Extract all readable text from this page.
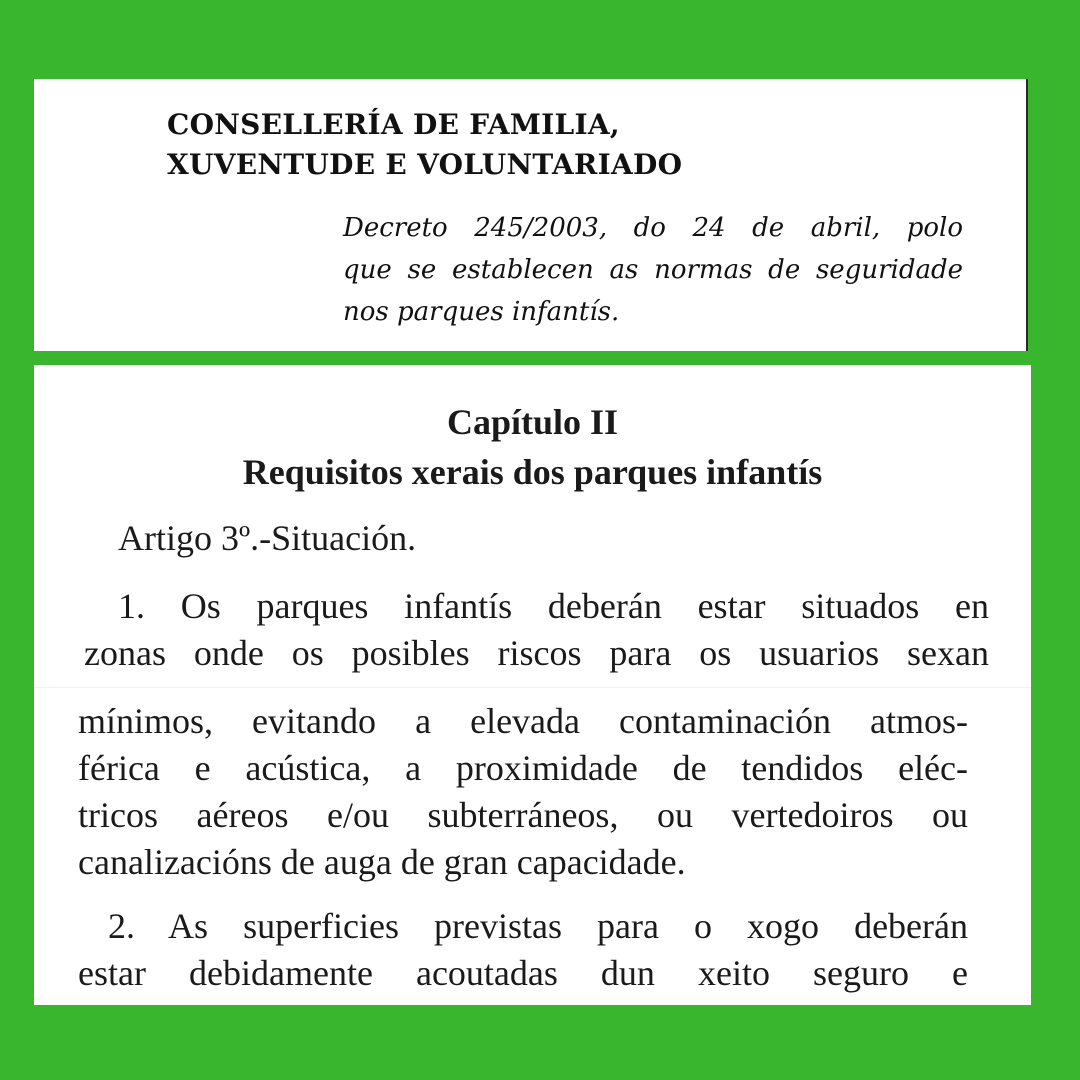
CONSELLERÍA DE FAMILIA,
XUVENTUDE E VOLUNTARIADO

Decreto 245/2003, do 24 de abril, polo
que se establecen as normas de seguridade
nos parques infantís.

Capítulo II
Requisitos xerais dos parques infantís

Artigo 3º.-Situación.

1. Os parques infantís deberán estar situados en
zonas onde os posibles riscos para os usuarios sexan

mínimos, evitando a elevada contaminación atmos-
férica e acústica, a proximidade de tendidos eléc-
tricos aéreos e/ou subterráneos, ou vertedoiros ou
canalizacións de auga de gran capacidade.

2. As superficies previstas para o xogo deberán
estar debidamente acoutadas dun xeito seguro e
